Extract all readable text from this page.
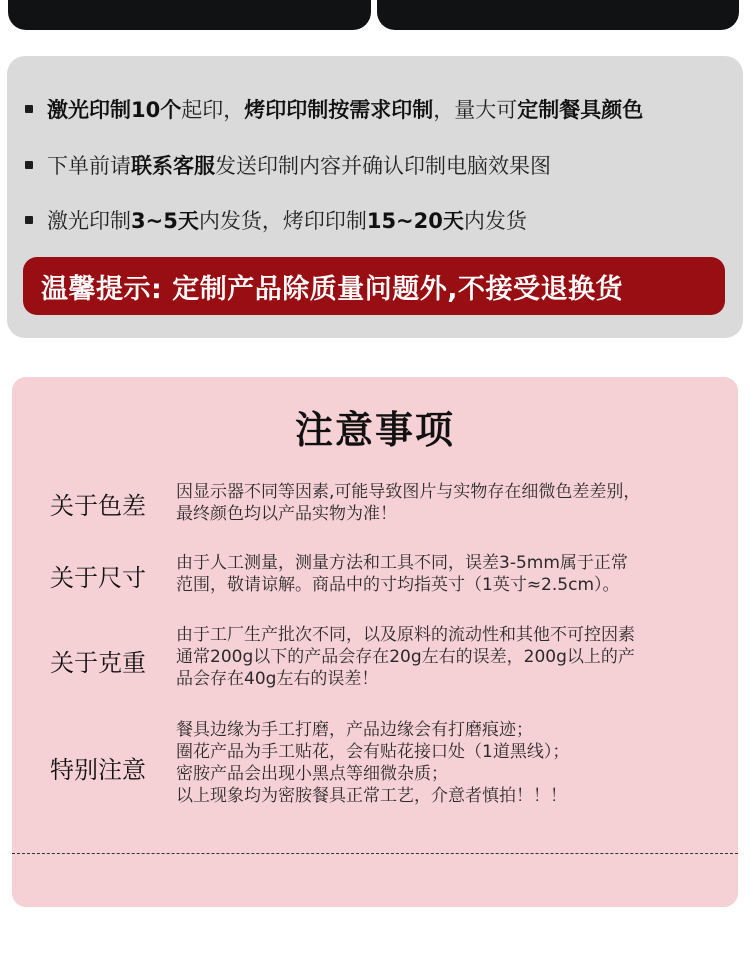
激光印制10个起印，烤印印制按需求印制，量大可定制餐具颜色
下单前请联系客服发送印制内容并确认印制电脑效果图
激光印制3~5天内发货，烤印印制15~20天内发货
温馨提示: 定制产品除质量问题外,不接受退换货
注意事项
关于色差 因显示器不同等因素,可能导致图片与实物存在细微色差差别，
最终颜色均以产品实物为准！
关于尺寸
由于人工测量，测量方法和工具不同，误差3-5mm属于正常
范围，敬请谅解。商品中的寸均指英寸（1英寸≈2.5cm）。
关于克重
由于工厂生产批次不同，以及原料的流动性和其他不可控因素
通常200g以下的产品会存在20g左右的误差，200g以上的产
品会存在40g左右的误差！
特别注意
餐具边缘为手工打磨，产品边缘会有打磨痕迹；
圈花产品为手工贴花，会有贴花接口处（1道黑线）；
密胺产品会出现小黑点等细微杂质；
以上现象均为密胺餐具正常工艺，介意者慎拍！！！
